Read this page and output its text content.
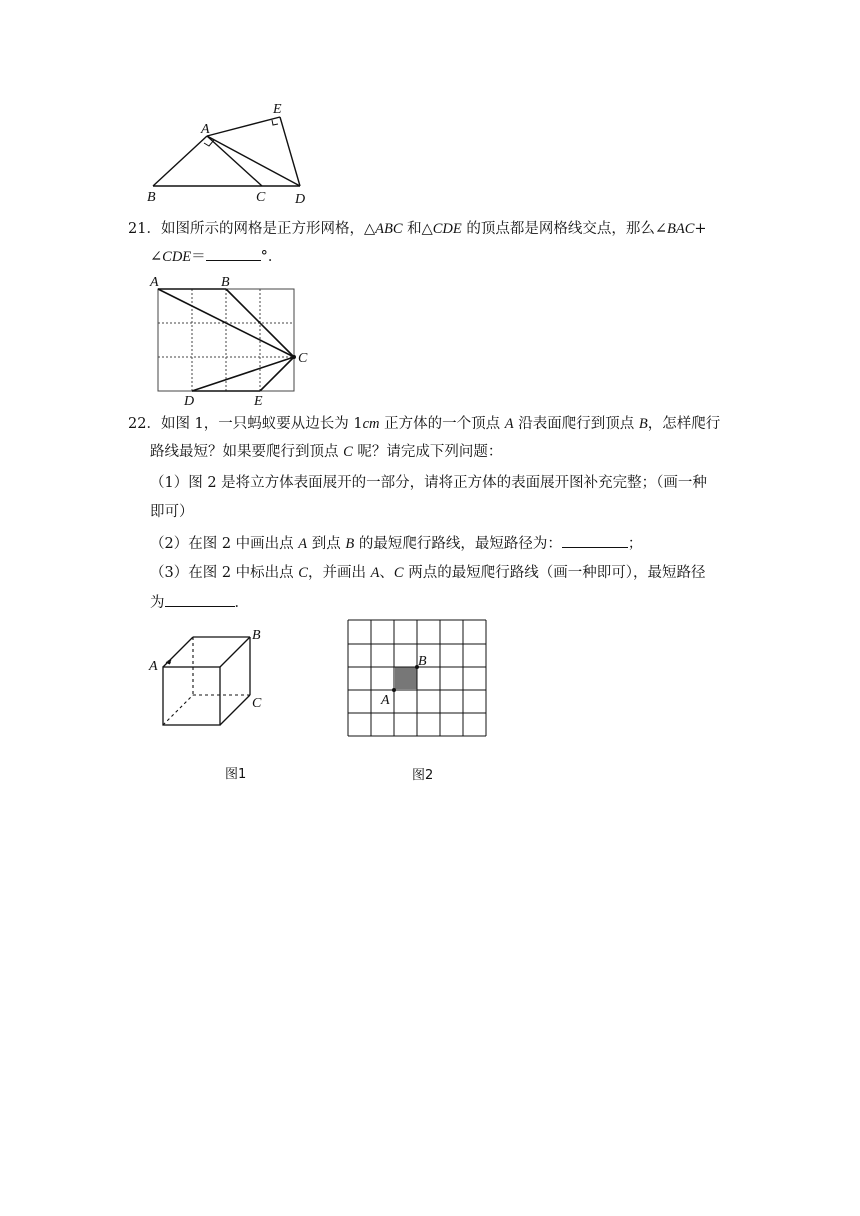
A
B	C D
E
21．如图所示的网格是正方形网格，△ABC 和△CDE 的顶点都是网格线交点，那么∠BAC+
∠CDE＝	°．
A	B
C
D	E
22．如图 1，一只蚂蚁要从边长为 1cm 正方体的一个顶点 A 沿表面爬行到顶点 B，怎样爬行
路线最短？如果要爬行到顶点 C 呢？请完成下列问题：
（1）图 2 是将立方体表面展开的一部分，请将正方体的表面展开图补充完整；（画一种
即可）
（2）在图 2 中画出点 A 到点 B 的最短爬行路线，最短路径为：	；
（3）在图 2 中标出点 C，并画出 A、C 两点的最短爬行路线（画一种即可），最短路径
为	．
A
B
C
图1
A
B
图2
